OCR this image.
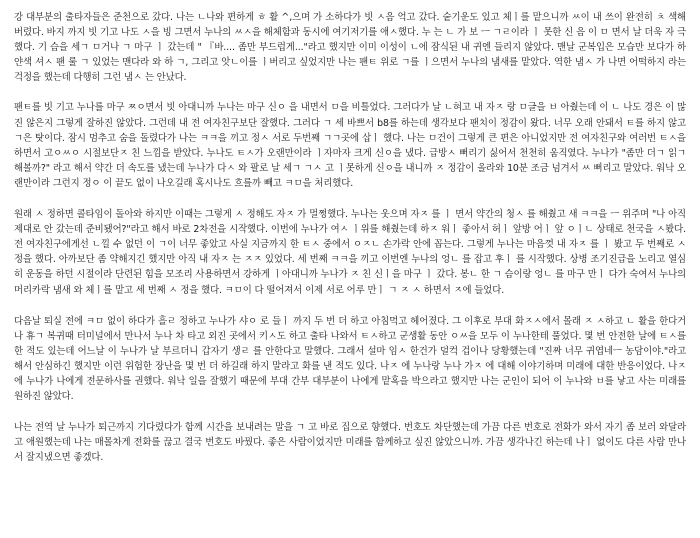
강 대부분의 출타자들은 준천으로 갔다. 나는 ㄴ나와 편하게 ㅎ 활 ^,으며 가 소하다가 빗 ㅅ음 억고 갔다. 숱기운도 있고 체ㅣ를 맡으니까 ㅆ이 내 쓰이 완전히 ㅊ 색해버렸다. 바지 까지 빗 기고 나도 ㅅ을 빙 그면서 누나의 ㅆㅅ을 해체함과 동시에 여기저기를 애ㅅ했다. 누 는 ㄴ 가 보 ㅡ ㄱㄹ이라 ㅣ 못한 신 음 이 ㅁ 면서 날 더욱 자 극했다. 기 슴을 세ㄱ ㅁ거나 ㄱ 마구 ㅣ 갔는데 " 『바.... 좀만 부드럽게..."라고 했지만 이미 이성이 ㄴ에 잠식된 내 귀엔 들리지 않았다. 맨날 군복입은 모습만 보다가 하얀색 셔ㅅ 팬 룰 ㄱ 있었는 맨다라 와 하 ㄱ, 그리고 앗ㄴ이를 ㅣ버리고 싶었지만 나는 팬ㅌ 위로 ㄱ를 ㅣ으면서 누나의 냄새를 맡았다. 역한 냄ㅅ 가 나면 어떡하지 라는 걱정을 했는데 다행히 그런 냄ㅅ 는 안났다.

팬ㅌ를 빗 기고 누나를 마구 ㅉㅇ면서 빗 아대니까 누나는 마구 신ㅇ 을 내면서 ㅁ을 비틀었다. 그러다가 날 ㄴ혀고 내 자ㅈ 랑 ㅁ글을 ㅂ 아췄는데 이 ㄴ 나도 경은 이 많진 않은지 그렇게 잘하진 않았다. 그런데 내 전 여자친구보단 잘했다. 그러다 ㄱ 세 바쁘서 b8를 하는데 생각보다 팬치이 정감이 왔다. 너무 오래 안돼서 ㅌ를 하지 않고 ㄱ은 탓이다. 잠시 멈추고 숨을 돌렸다가 나는 ㅋㅋ을 끼고 정ㅅ 서로 두번째 ㄱㄱ곳에 삽ㅣ 했다. 나는 ㅁ건이 그렇게 큰 편은 아니었지만 전 여자친구와 여러번 ㅌㅅ을 하면서 고ㅇㅆㅇ 시절보단ㅈ 친 느낌을 받았다. 누나도 ㅌㅅ가 오랜만이라 ㅣ자마자 크게 신ㅇ을 냈다. 급방ㅅ 뻐리기 싫어서 천천히 움직였다. 누나가 "좀만 더ㄱ 읽ㄱ 해볼까?" 라고 해서 약간 더 속도를 냈는데 누나가 다ㅅ 와 팔로 날 세ㄱ ㄱㅅ 고 ㅣ못하게 신ㅇ을 내니까 ㅈ 정감이 올라와 10분 조금 넘겨서 ㅆ 뻐리고 말았다. 워낙 오랜만이라 그런지 정ㅇ 이 끝도 없이 나오길래 혹시나도 흐를까 빼고 ㅋㅁ을 처리했다.

원래 ㅅ 정하면 콜타임이 돌아와 하지만 이때는 그렇게 ㅅ 정해도 자ㅈ 가 멀쩡했다. 누나는 웃으며 자ㅈ 를 ㅣ 면서 약간의 청ㅅ 를 해췄고 새 ㅋㅋ을 ㅡ 위주며 "나 아직 제대로 안 갔는데 준비됐어?"라고 해서 바로 2차전을 시작했다. 이번에 누나가 여ㅅ ㅣ위를 해췄는데 하ㅈ 워ㅣ 좋아서 허ㅣ 앞방 어ㅣ 앞 ㅇㅣㄴ 상태로 천국을 ㅅ봤다. 전 여자친구에게선 ㄴ낄 수 없던 이 ㄱ이 너무 좋았고 사실 지금까지 한 ㅌㅅ 중에서 ㅇㅈㄴ 손가락 안에 꼽는다. 그렇게 누나는 마음껏 내 자ㅈ 를 ㅣ 봤고 두 번째로 ㅅ 정을 했다. 아까보단 좀 약해지긴 했지만 아직 내 자ㅈ 는 ㅈㅈ 있었다. 세 번째 ㅋㅋ을 끼고 이번엔 누나의 엉ㄴ 를 잡고 후ㅣ 를 시작했다. 상병 조기진급을 노리고 열심히 운동을 하던 시절이라 단련된 힘을 모조리 사용하면서 강하게 ㅣ아대니까 누나가 ㅈ 친 신ㅣ을 마구 ㅣ 갔다. 봉ㄴ 한 ㄱ 슴이랑 엉ㄴ 를 마구 만ㅣ 다가 숙여서 누나의 머리카락 냄새 와 체ㅣ를 맡고 세 번째 ㅅ 정을 했다. ㅋㅁ이 다 떨어져서 이제 서로 어루 만ㅣ ㄱ ㅈ ㅅ 하면서 ㅈ에 들었다.

다음날 퇴실 전에 ㅋㅁ 없이 하다가 흘ㄹ 정하고 누나가 샤ㅇ 로 들ㅣ 까지 두 번 더 하고 아침먹고 헤어졌다. 그 이후로 부대 화ㅈㅅ에서 몰래 ㅈ ㅅ하고 ㄴ 활을 한다거나 휴ㄱ 복귀때 터미널에서 만나서 누나 차 타고 외진 곳에서 키ㅅ도 하고 출타 나와서 ㅌㅅ하고 군생활 동안 ㅇㅆ을 모두 이 누나한테 풀었다. 몇 번 안전한 날에 ㅌㅅ를 한 적도 있는데 어느날 이 누나가 날 부르더니 갑자기 생ㄹ 를 안한다고 말했다. 그래서 설마 임ㅅ 한건가 덜컥 겁이나 당황했는데 "진짜 너무 귀엽네ㅡ 농담이야."라고 해서 안심하긴 했지만 이런 위험한 장난을 몇 번 더 하길래 하지 말라고 화를 낸 적도 있다. 나ㅈ 에 누나랑 누나 가ㅈ 에 대해 이야기하며 미래에 대한 반응이었다. 나ㅈ 에 누나가 나에게 전문하사를 권했다. 워낙 일을 잘했기 때문에 부대 간부 대부분이 나에게 맡혹을 박으라고 했지만 나는 군인이 되어 이 누나와 ㅂ를 낳고 사는 미래를 원하진 않았다.

나는 전역 날 누나가 퇴근까지 기다렸다가 함께 시간을 보내려는 말을 ㄱ 고 바로 집으로 향했다. 번호도 차단했는데 가끔 다른 번호로 전화가 와서 자기 좀 보러 와달라고 애원했는데 나는 매몰차게 전화를 끊고 결국 번호도 바꿨다. 좋은 사람이었지만 미래를 함께하고 싶진 않았으니까. 가끔 생각나긴 하는데 나ㅣ 없이도 다른 사람 만나서 잘지냈으면 좋겠다.
